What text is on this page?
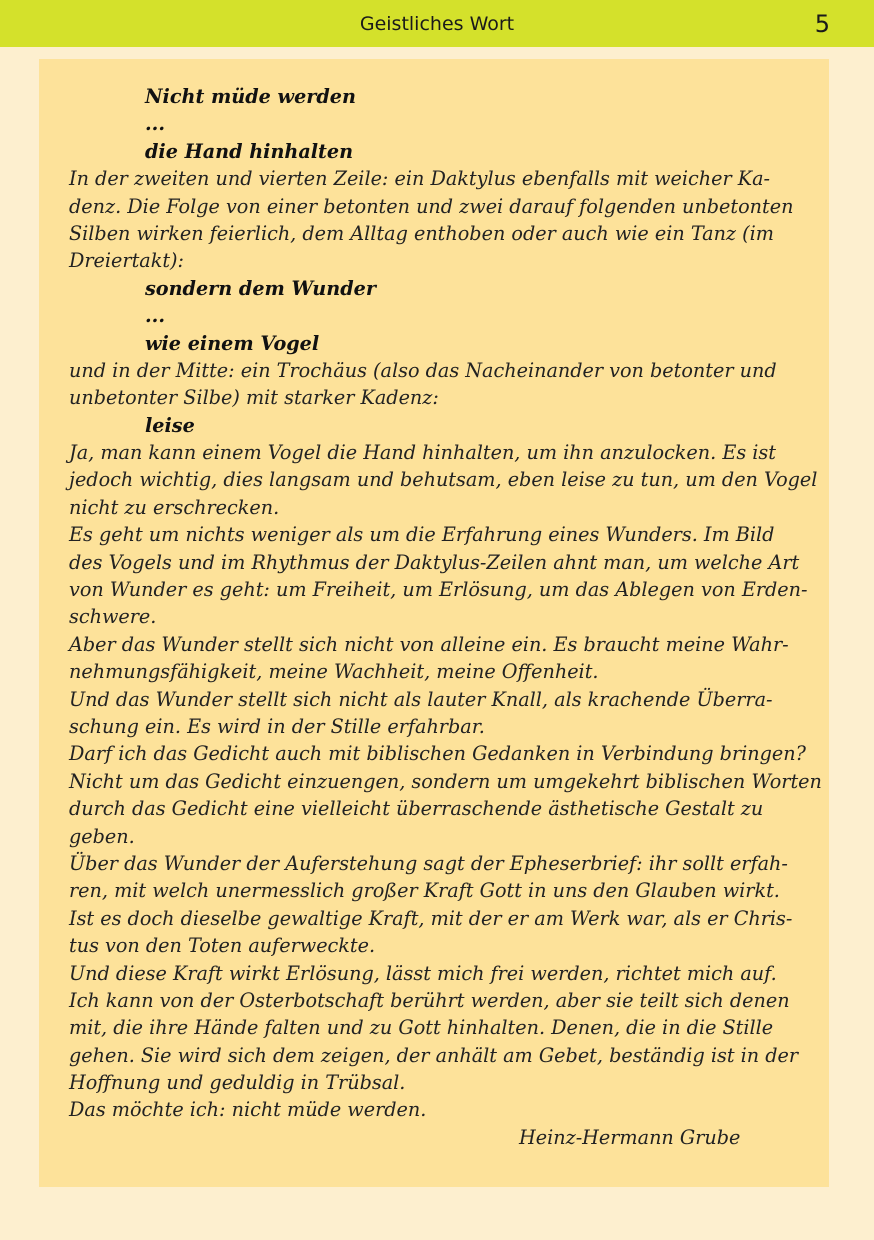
Geistliches Wort	5
Nicht müde werden
...
die Hand hinhalten
In der zweiten und vierten Zeile: ein Daktylus ebenfalls mit weicher Ka-
denz. Die Folge von einer betonten und zwei darauf folgenden unbetonten
Silben wirken feierlich, dem Alltag enthoben oder auch wie ein Tanz (im
Dreiertakt):
sondern dem Wunder
...
wie einem Vogel
und in der Mitte: ein Trochäus (also das Nacheinander von betonter und
unbetonter Silbe) mit starker Kadenz:
leise
Ja, man kann einem Vogel die Hand hinhalten, um ihn anzulocken. Es ist
jedoch wichtig, dies langsam und behutsam, eben leise zu tun, um den Vogel
nicht zu erschrecken.
Es geht um nichts weniger als um die Erfahrung eines Wunders. Im Bild
des Vogels und im Rhythmus der Daktylus-Zeilen ahnt man, um welche Art
von Wunder es geht: um Freiheit, um Erlösung, um das Ablegen von Erden-
schwere.
Aber das Wunder stellt sich nicht von alleine ein. Es braucht meine Wahr-
nehmungsfähigkeit, meine Wachheit, meine Offenheit.
Und das Wunder stellt sich nicht als lauter Knall, als krachende Überra-
schung ein. Es wird in der Stille erfahrbar.
Darf ich das Gedicht auch mit biblischen Gedanken in Verbindung bringen?
Nicht um das Gedicht einzuengen, sondern um umgekehrt biblischen Worten
durch das Gedicht eine vielleicht überraschende ästhetische Gestalt zu
geben.
Über das Wunder der Auferstehung sagt der Epheserbrief: ihr sollt erfah-
ren, mit welch unermesslich großer Kraft Gott in uns den Glauben wirkt.
Ist es doch dieselbe gewaltige Kraft, mit der er am Werk war, als er Chris-
tus von den Toten auferweckte.
Und diese Kraft wirkt Erlösung, lässt mich frei werden, richtet mich auf.
Ich kann von der Osterbotschaft berührt werden, aber sie teilt sich denen
mit, die ihre Hände falten und zu Gott hinhalten. Denen, die in die Stille
gehen. Sie wird sich dem zeigen, der anhält am Gebet, beständig ist in der
Hoffnung und geduldig in Trübsal.
Das möchte ich: nicht müde werden.
Heinz-Hermann Grube
